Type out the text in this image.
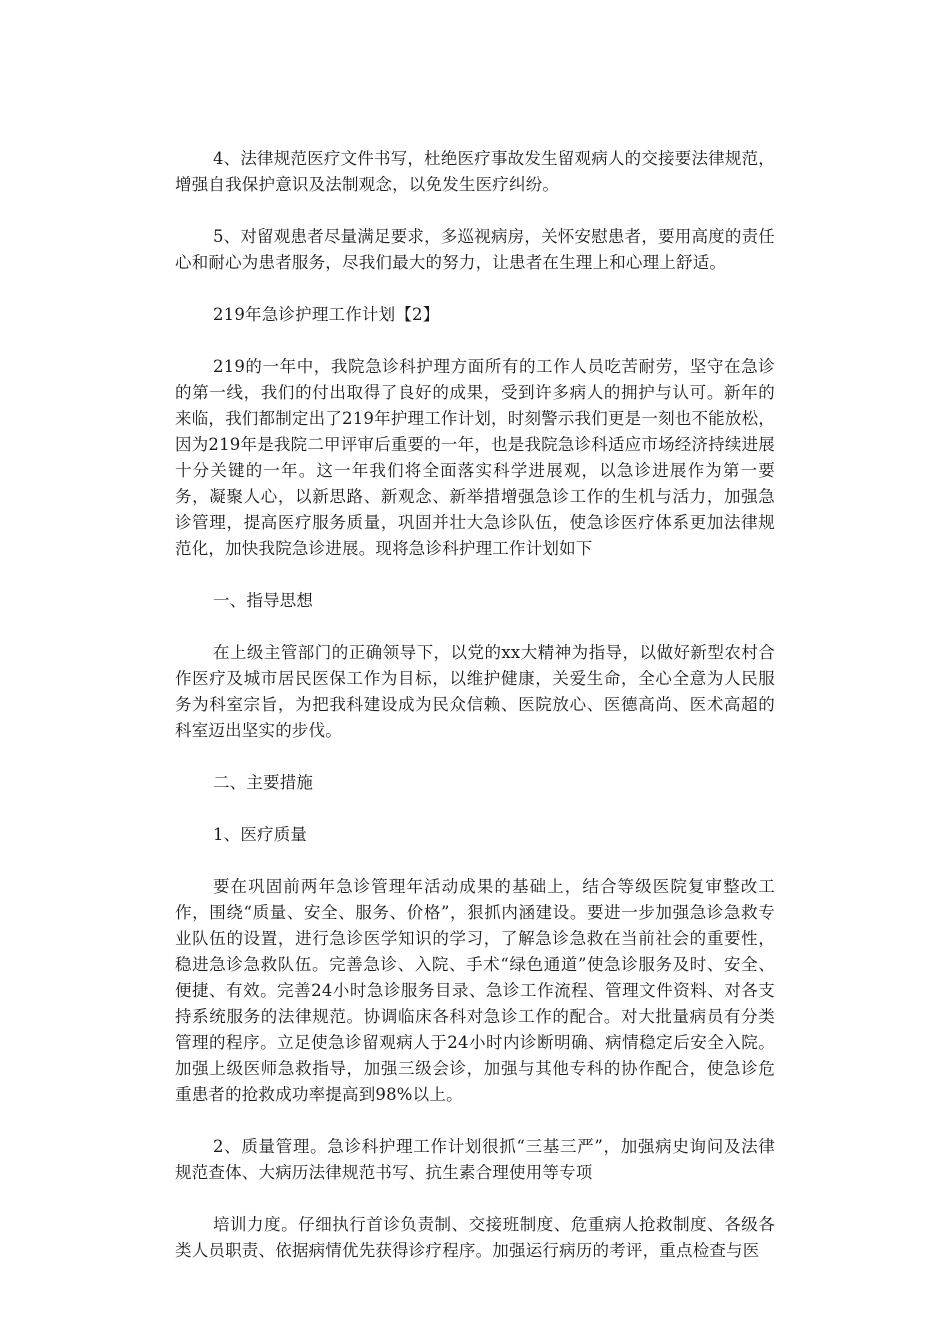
4、法律规范医疗文件书写，杜绝医疗事故发生留观病人的交接要法律规范，增强自我保护意识及法制观念，以免发生医疗纠纷。

5、对留观患者尽量满足要求，多巡视病房，关怀安慰患者，要用高度的责任心和耐心为患者服务，尽我们最大的努力，让患者在生理上和心理上舒适。

219年急诊护理工作计划【2】

219的一年中，我院急诊科护理方面所有的工作人员吃苦耐劳，坚守在急诊的第一线，我们的付出取得了良好的成果，受到许多病人的拥护与认可。新年的来临，我们都制定出了219年护理工作计划，时刻警示我们更是一刻也不能放松，因为219年是我院二甲评审后重要的一年，也是我院急诊科适应市场经济持续进展十分关键的一年。这一年我们将全面落实科学进展观，以急诊进展作为第一要务，凝聚人心，以新思路、新观念、新举措增强急诊工作的生机与活力，加强急诊管理，提高医疗服务质量，巩固并壮大急诊队伍，使急诊医疗体系更加法律规范化，加快我院急诊进展。现将急诊科护理工作计划如下

一、指导思想

在上级主管部门的正确领导下，以党的xx大精神为指导，以做好新型农村合作医疗及城市居民医保工作为目标，以维护健康，关爱生命，全心全意为人民服务为科室宗旨，为把我科建设成为民众信赖、医院放心、医德高尚、医术高超的科室迈出坚实的步伐。

二、主要措施

1、医疗质量

要在巩固前两年急诊管理年活动成果的基础上，结合等级医院复审整改工作，围绕“质量、安全、服务、价格”，狠抓内涵建设。要进一步加强急诊急救专业队伍的设置，进行急诊医学知识的学习，了解急诊急救在当前社会的重要性，稳进急诊急救队伍。完善急诊、入院、手术“绿色通道”使急诊服务及时、安全、便捷、有效。完善24小时急诊服务目录、急诊工作流程、管理文件资料、对各支持系统服务的法律规范。协调临床各科对急诊工作的配合。对大批量病员有分类管理的程序。立足使急诊留观病人于24小时内诊断明确、病情稳定后安全入院。加强上级医师急救指导，加强三级会诊，加强与其他专科的协作配合，使急诊危重患者的抢救成功率提高到98%以上。

2、质量管理。急诊科护理工作计划很抓“三基三严”，加强病史询问及法律规范查体、大病历法律规范书写、抗生素合理使用等专项

培训力度。仔细执行首诊负责制、交接班制度、危重病人抢救制度、各级各类人员职责、依据病情优先获得诊疗程序。加强运行病历的考评，重点检查与医
